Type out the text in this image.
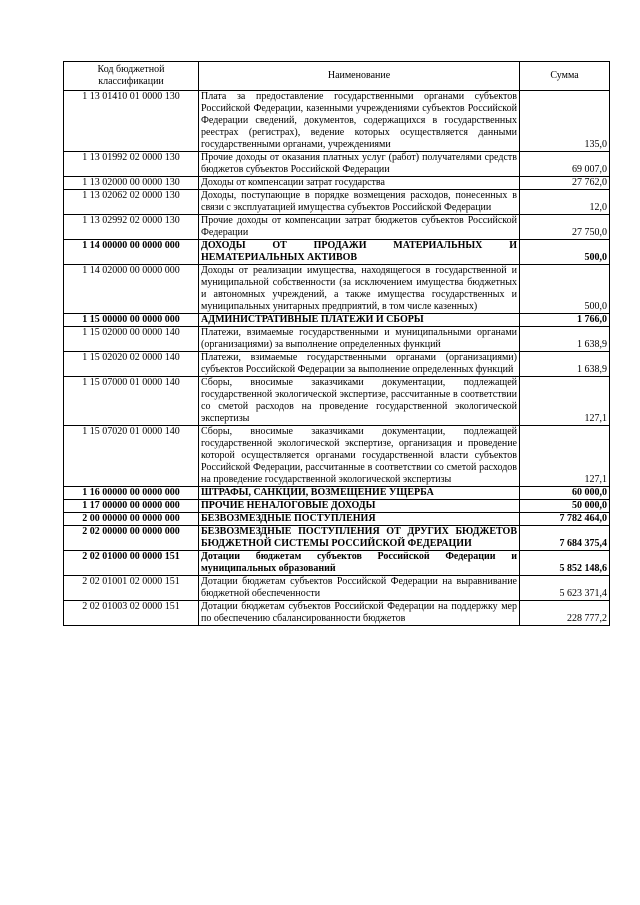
Код бюджетной классификации	Наименование	Сумма
1 13 01410 01 0000 130	Плата за предоставление государственными органами субъектов Российской Федерации, казенными учреждениями субъектов Российской Федерации сведений, документов, содержащихся в государственных реестрах (регистрах), ведение которых осуществляется данными государственными органами, учреждениями	135,0
1 13 01992 02 0000 130	Прочие доходы от оказания платных услуг (работ) получателями средств бюджетов субъектов Российской Федерации	69 007,0
1 13 02000 00 0000 130	Доходы от компенсации затрат государства	27 762,0
1 13 02062 02 0000 130	Доходы, поступающие в порядке возмещения расходов, понесенных в связи с эксплуатацией имущества субъектов Российской Федерации	12,0
1 13 02992 02 0000 130	Прочие доходы от компенсации затрат бюджетов субъектов Российской Федерации	27 750,0
1 14 00000 00 0000 000	ДОХОДЫ ОТ ПРОДАЖИ МАТЕРИАЛЬНЫХ И НЕМАТЕРИАЛЬНЫХ АКТИВОВ	500,0
1 14 02000 00 0000 000	Доходы от реализации имущества, находящегося в государственной и муниципальной собственности (за исключением имущества бюджетных и автономных учреждений, а также имущества государственных и муниципальных унитарных предприятий, в том числе казенных)	500,0
1 15 00000 00 0000 000	АДМИНИСТРАТИВНЫЕ ПЛАТЕЖИ И СБОРЫ	1 766,0
1 15 02000 00 0000 140	Платежи, взимаемые государственными и муниципальными органами (организациями) за выполнение определенных функций	1 638,9
1 15 02020 02 0000 140	Платежи, взимаемые государственными органами (организациями) субъектов Российской Федерации за выполнение определенных функций	1 638,9
1 15 07000 01 0000 140	Сборы, вносимые заказчиками документации, подлежащей государственной экологической экспертизе, рассчитанные в соответствии со сметой расходов на проведение государственной экологической экспертизы	127,1
1 15 07020 01 0000 140	Сборы, вносимые заказчиками документации, подлежащей государственной экологической экспертизе, организация и проведение которой осуществляется органами государственной власти субъектов Российской Федерации, рассчитанные в соответствии со сметой расходов на проведение государственной экологической экспертизы	127,1
1 16 00000 00 0000 000	ШТРАФЫ, САНКЦИИ, ВОЗМЕЩЕНИЕ УЩЕРБА	60 000,0
1 17 00000 00 0000 000	ПРОЧИЕ НЕНАЛОГОВЫЕ ДОХОДЫ	50 000,0
2 00 00000 00 0000 000	БЕЗВОЗМЕЗДНЫЕ ПОСТУПЛЕНИЯ	7 782 464,0
2 02 00000 00 0000 000	БЕЗВОЗМЕЗДНЫЕ ПОСТУПЛЕНИЯ ОТ ДРУГИХ БЮДЖЕТОВ БЮДЖЕТНОЙ СИСТЕМЫ РОССИЙСКОЙ ФЕДЕРАЦИИ	7 684 375,4
2 02 01000 00 0000 151	Дотации бюджетам субъектов Российской Федерации и муниципальных образований	5 852 148,6
2 02 01001 02 0000 151	Дотации бюджетам субъектов Российской Федерации на выравнивание бюджетной обеспеченности	5 623 371,4
2 02 01003 02 0000 151	Дотации бюджетам субъектов Российской Федерации на поддержку мер по обеспечению сбалансированности бюджетов	228 777,2
